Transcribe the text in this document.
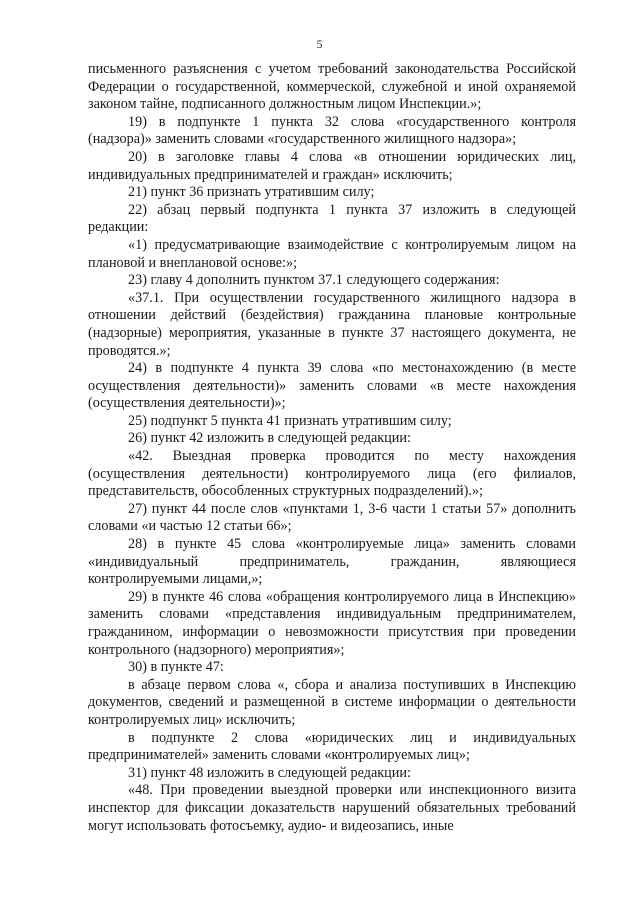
5

письменного разъяснения с учетом требований законодательства Российской Федерации о государственной, коммерческой, служебной и иной охраняемой законом тайне, подписанного должностным лицом Инспекции.»;

19) в подпункте 1 пункта 32 слова «государственного контроля (надзора)» заменить словами «государственного жилищного надзора»;

20) в заголовке главы 4 слова «в отношении юридических лиц, индивидуальных предпринимателей и граждан» исключить;

21) пункт 36 признать утратившим силу;

22) абзац первый подпункта 1 пункта 37 изложить в следующей редакции:

«1) предусматривающие взаимодействие с контролируемым лицом на плановой и внеплановой основе:»;

23) главу 4 дополнить пунктом 37.1 следующего содержания:

«37.1. При осуществлении государственного жилищного надзора в отношении действий (бездействия) гражданина плановые контрольные (надзорные) мероприятия, указанные в пункте 37 настоящего документа, не проводятся.»;

24) в подпункте 4 пункта 39 слова «по местонахождению (в месте осуществления деятельности)» заменить словами «в месте нахождения (осуществления деятельности)»;

25) подпункт 5 пункта 41 признать утратившим силу;

26) пункт 42 изложить в следующей редакции:

«42. Выездная проверка проводится по месту нахождения (осуществления деятельности) контролируемого лица (его филиалов, представительств, обособленных структурных подразделений).»;

27) пункт 44 после слов «пунктами 1, 3-6 части 1 статьи 57» дополнить словами «и частью 12 статьи 66»;

28) в пункте 45 слова «контролируемые лица» заменить словами «индивидуальный предприниматель, гражданин, являющиеся контролируемыми лицами,»;

29) в пункте 46 слова «обращения контролируемого лица в Инспекцию» заменить словами «представления индивидуальным предпринимателем, гражданином, информации о невозможности присутствия при проведении контрольного (надзорного) мероприятия»;

30) в пункте 47:

в абзаце первом слова «, сбора и анализа поступивших в Инспекцию документов, сведений и размещенной в системе информации о деятельности контролируемых лиц» исключить;

в подпункте 2 слова «юридических лиц и индивидуальных предпринимателей» заменить словами «контролируемых лиц»;

31) пункт 48 изложить в следующей редакции:

«48. При проведении выездной проверки или инспекционного визита инспектор для фиксации доказательств нарушений обязательных требований могут использовать фотосъемку, аудио- и видеозапись, иные
